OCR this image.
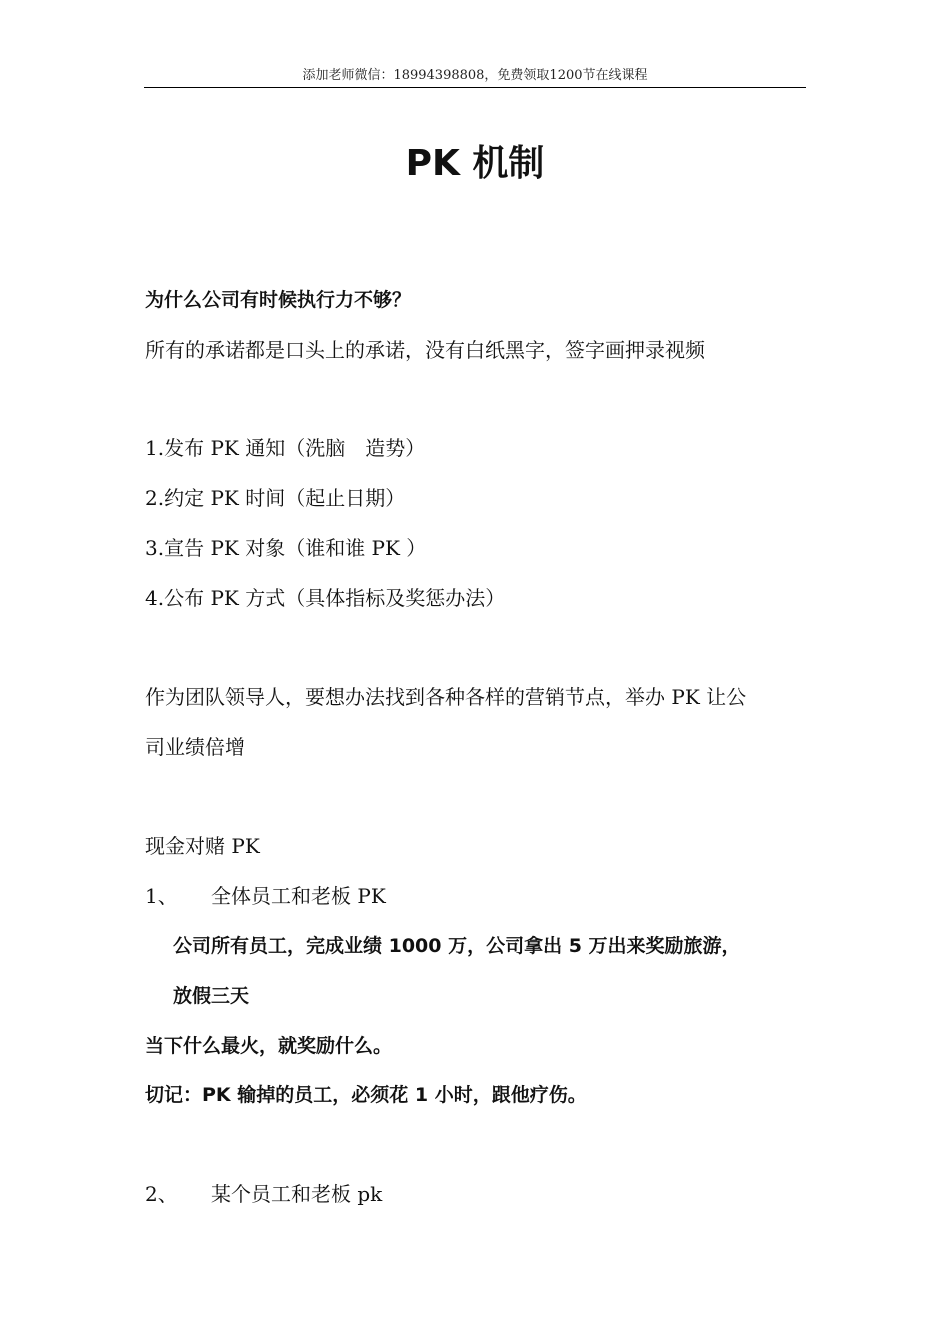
添加老师微信：18994398808，免费领取1200节在线课程
PK 机制
为什么公司有时候执行力不够？
所有的承诺都是口头上的承诺，没有白纸黑字，签字画押录视频
1.发布 PK 通知（洗脑　造势）
2.约定 PK 时间（起止日期）
3.宣告 PK 对象（谁和谁 PK ）
4.公布 PK 方式（具体指标及奖惩办法）
作为团队领导人，要想办法找到各种各样的营销节点，举办 PK 让公
司业绩倍增
现金对赌 PK
1、 全体员工和老板 PK
公司所有员工，完成业绩 1000 万，公司拿出 5 万出来奖励旅游，
放假三天
当下什么最火，就奖励什么。
切记：PK 输掉的员工，必须花 1 小时，跟他疗伤。
2、 某个员工和老板 pk
